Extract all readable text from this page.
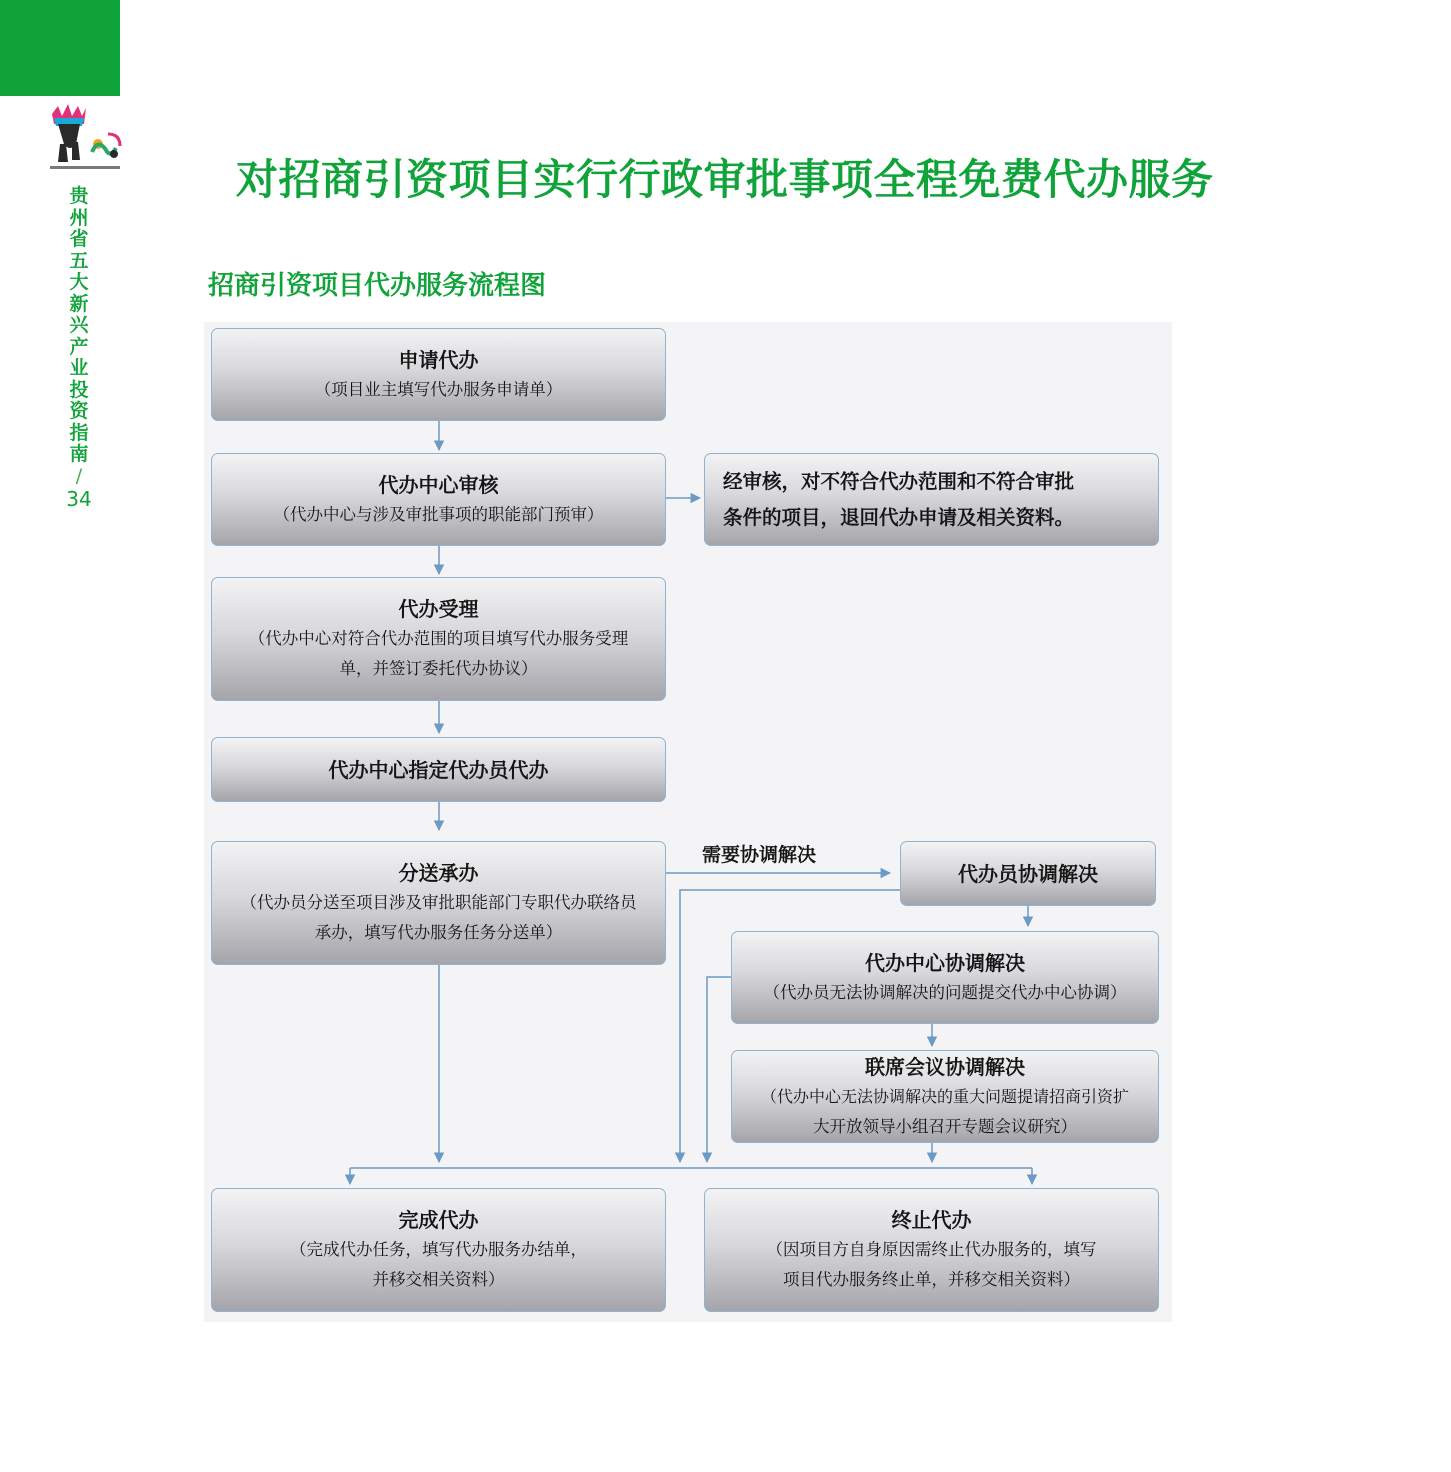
贵州省五大新兴产业投资指南
/
34
对招商引资项目实行行政审批事项全程免费代办服务
招商引资项目代办服务流程图
申请代办
（项目业主填写代办服务申请单）
代办中心审核
（代办中心与涉及审批事项的职能部门预审）
经审核，对不符合代办范围和不符合审批
条件的项目，退回代办申请及相关资料。
代办受理
（代办中心对符合代办范围的项目填写代办服务受理
单，并签订委托代办协议）
代办中心指定代办员代办
分送承办
（代办员分送至项目涉及审批职能部门专职代办联络员
承办，填写代办服务任务分送单）
需要协调解决
代办员协调解决
代办中心协调解决
（代办员无法协调解决的问题提交代办中心协调）
联席会议协调解决
（代办中心无法协调解决的重大问题提请招商引资扩
大开放领导小组召开专题会议研究）
完成代办
（完成代办任务，填写代办服务办结单，
并移交相关资料）
终止代办
（因项目方自身原因需终止代办服务的，填写
项目代办服务终止单，并移交相关资料）
